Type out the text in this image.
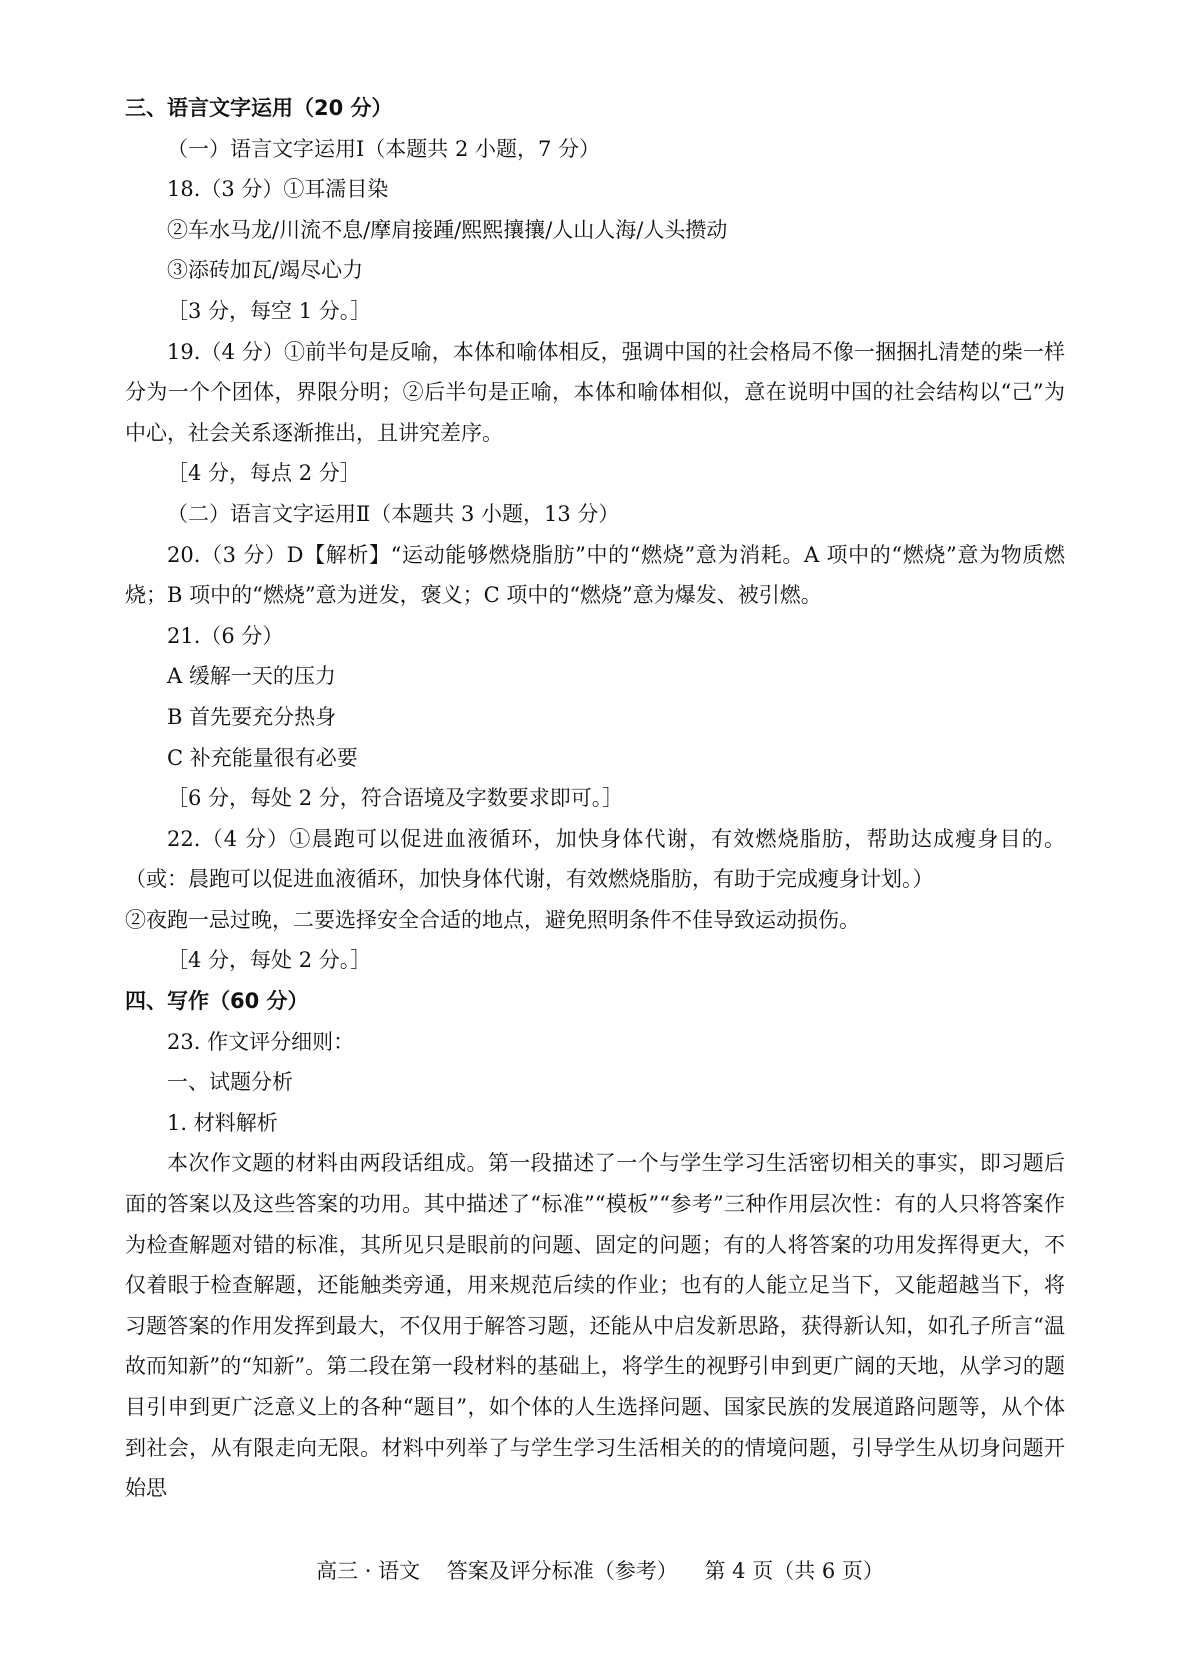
三、语言文字运用（20 分）
（一）语言文字运用Ⅰ（本题共 2 小题，7 分）
18.（3 分）①耳濡目染
②车水马龙/川流不息/摩肩接踵/熙熙攘攘/人山人海/人头攒动
③添砖加瓦/竭尽心力
［3 分，每空 1 分。］
19.（4 分）①前半句是反喻，本体和喻体相反，强调中国的社会格局不像一捆捆扎清楚的柴一样分为一个个团体，界限分明；②后半句是正喻，本体和喻体相似，意在说明中国的社会结构以“己”为中心，社会关系逐渐推出，且讲究差序。
［4 分，每点 2 分］
（二）语言文字运用Ⅱ（本题共 3 小题，13 分）
20.（3 分）D【解析】“运动能够燃烧脂肪”中的“燃烧”意为消耗。A 项中的“燃烧”意为物质燃烧；B 项中的“燃烧”意为迸发，褒义；C 项中的“燃烧”意为爆发、被引燃。
21.（6 分）
A 缓解一天的压力
B 首先要充分热身
C 补充能量很有必要
［6 分，每处 2 分，符合语境及字数要求即可。］
22.（4 分）①晨跑可以促进血液循环，加快身体代谢，有效燃烧脂肪，帮助达成瘦身目的。（或：晨跑可以促进血液循环，加快身体代谢，有效燃烧脂肪，有助于完成瘦身计划。）
②夜跑一忌过晚，二要选择安全合适的地点，避免照明条件不佳导致运动损伤。
［4 分，每处 2 分。］
四、写作（60 分）
23. 作文评分细则：
一、试题分析
1. 材料解析
本次作文题的材料由两段话组成。第一段描述了一个与学生学习生活密切相关的事实，即习题后面的答案以及这些答案的功用。其中描述了“标准”“模板”“参考”三种作用层次性：有的人只将答案作为检查解题对错的标准，其所见只是眼前的问题、固定的问题；有的人将答案的功用发挥得更大，不仅着眼于检查解题，还能触类旁通，用来规范后续的作业；也有的人能立足当下，又能超越当下，将习题答案的作用发挥到最大，不仅用于解答习题，还能从中启发新思路，获得新认知，如孔子所言“温故而知新”的“知新”。第二段在第一段材料的基础上，将学生的视野引申到更广阔的天地，从学习的题目引申到更广泛意义上的各种“题目”，如个体的人生选择问题、国家民族的发展道路问题等，从个体到社会，从有限走向无限。材料中列举了与学生学习生活相关的的情境问题，引导学生从切身问题开始思
高三 · 语文    答案及评分标准（参考）    第 4 页（共 6 页）
